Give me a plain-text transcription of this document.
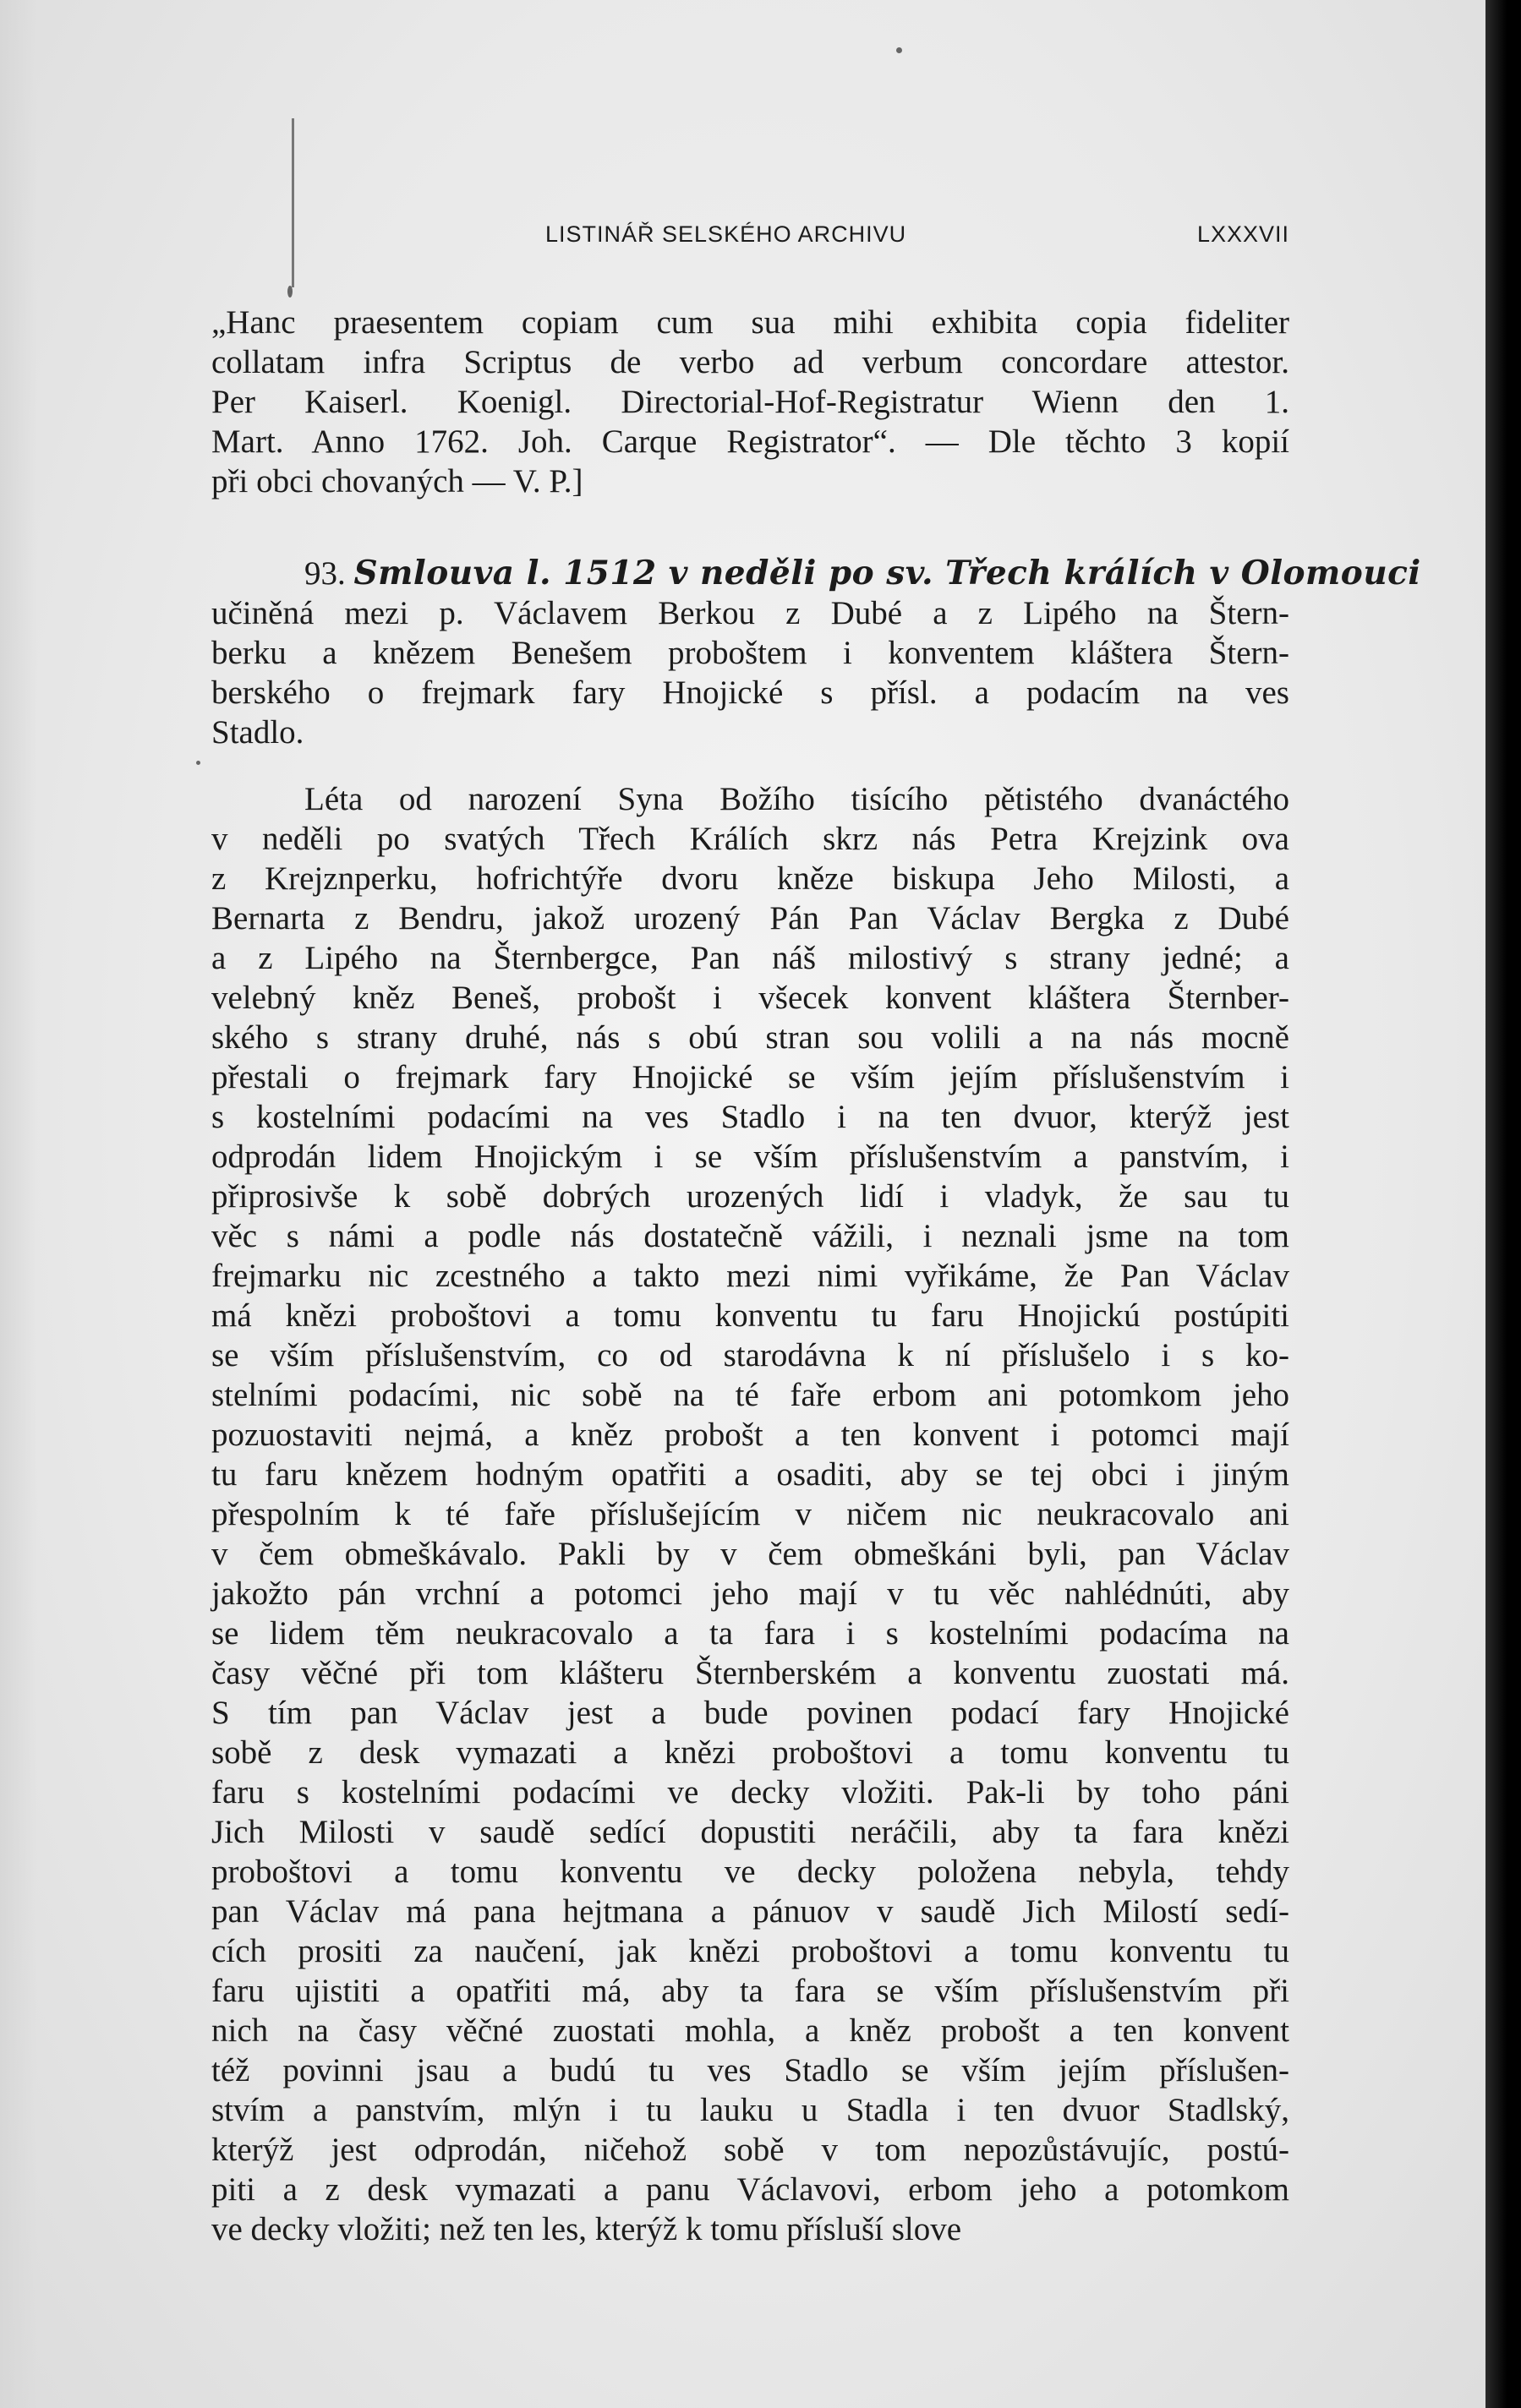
LISTINÁŘ SELSKÉHO ARCHIVU	LXXXVII
„Hanc praesentem copiam cum sua mihi exhibita copia fideliter
collatam infra Scriptus de verbo ad verbum concordare attestor.
Per Kaiserl. Koenigl. Directorial-Hof-Registratur Wienn den 1.
Mart. Anno 1762. Joh. Carque Registrator“. — Dle těchto 3 kopií
při obci chovaných — V. P.]
93. Smlouva l. 1512 v neděli po sv. Třech králích v Olomouci
učiněná mezi p. Václavem Berkou z Dubé a z Lipého na Štern-
berku a knězem Benešem proboštem i konventem kláštera Štern-
berského o frejmark fary Hnojické s přísl. a podacím na ves
Stadlo.
Léta od narození Syna Božího tisícího pětistého dvanáctého
v neděli po svatých Třech Králích skrz nás Petra Krejzink ova
z Krejznperku, hofrichtýře dvoru kněze biskupa Jeho Milosti, a
Bernarta z Bendru, jakož urozený Pán Pan Václav Bergka z Dubé
a z Lipého na Šternbergce, Pan náš milostivý s strany jedné; a
velebný kněz Beneš, probošt i všecek konvent kláštera Šternber-
ského s strany druhé, nás s obú stran sou volili a na nás mocně
přestali o frejmark fary Hnojické se vším jejím příslušenstvím i
s kostelními podacími na ves Stadlo i na ten dvuor, kterýž jest
odprodán lidem Hnojickým i se vším příslušenstvím a panstvím, i
připrosivše k sobě dobrých urozených lidí i vladyk, že sau tu
věc s námi a podle nás dostatečně vážili, i neznali jsme na tom
frejmarku nic zcestného a takto mezi nimi vyřikáme, že Pan Václav
má knězi proboštovi a tomu konventu tu faru Hnojickú postúpiti
se vším příslušenstvím, co od starodávna k ní příslušelo i s ko-
stelními podacími, nic sobě na té faře erbom ani potomkom jeho
pozuostaviti nejmá, a kněz probošt a ten konvent i potomci mají
tu faru knězem hodným opatřiti a osaditi, aby se tej obci i jiným
přespolním k té faře příslušejícím v ničem nic neukracovalo ani
v čem obmeškávalo. Pakli by v čem obmeškáni byli, pan Václav
jakožto pán vrchní a potomci jeho mají v tu věc nahlédnúti, aby
se lidem těm neukracovalo a ta fara i s kostelními podacíma na
časy věčné při tom klášteru Šternberském a konventu zuostati má.
S tím pan Václav jest a bude povinen podací fary Hnojické
sobě z desk vymazati a knězi proboštovi a tomu konventu tu
faru s kostelními podacími ve decky vložiti. Pak-li by toho páni
Jich Milosti v saudě sedící dopustiti neráčili, aby ta fara knězi
proboštovi a tomu konventu ve decky položena nebyla, tehdy
pan Václav má pana hejtmana a pánuov v saudě Jich Milostí sedí-
cích prositi za naučení, jak knězi proboštovi a tomu konventu tu
faru ujistiti a opatřiti má, aby ta fara se vším příslušenstvím při
nich na časy věčné zuostati mohla, a kněz probošt a ten konvent
též povinni jsau a budú tu ves Stadlo se vším jejím příslušen-
stvím a panstvím, mlýn i tu lauku u Stadla i ten dvuor Stadlský,
kterýž jest odprodán, ničehož sobě v tom nepozůstávujíc, postú-
piti a z desk vymazati a panu Václavovi, erbom jeho a potomkom
ve decky vložiti; než ten les, kterýž k tomu přísluší slove
